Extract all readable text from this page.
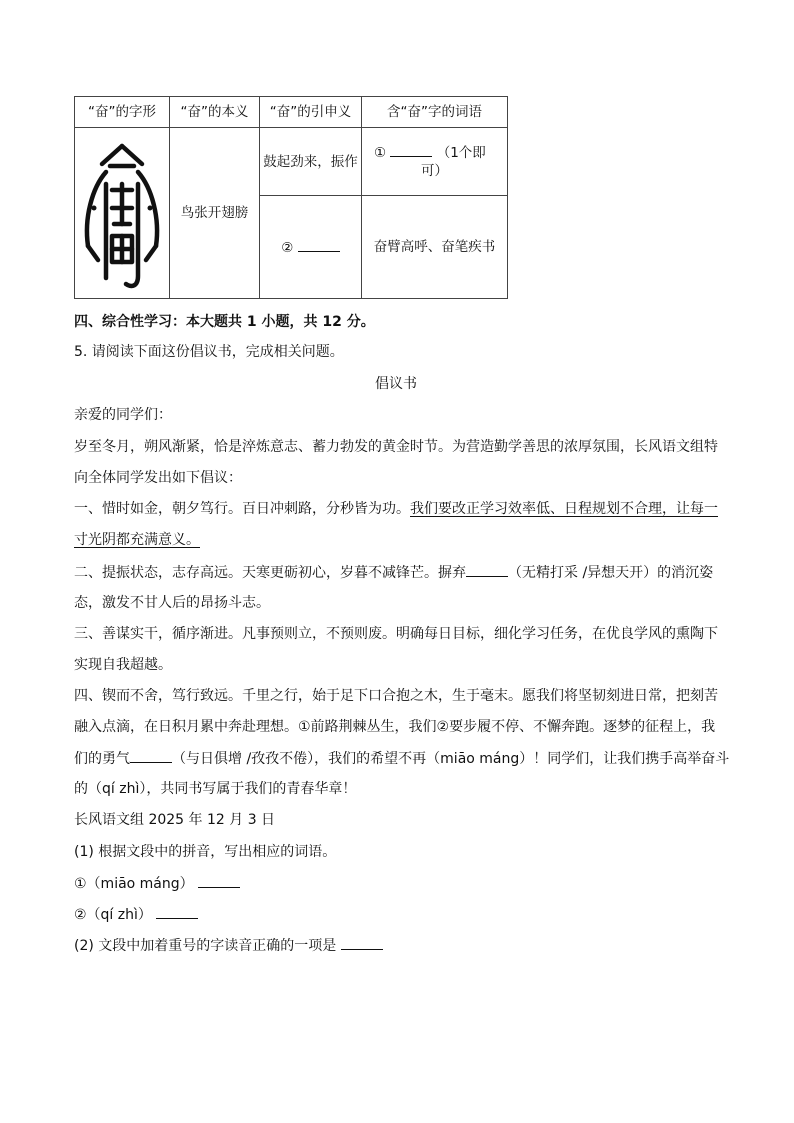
“奋”的字形	“奋”的本义	“奋”的引申义	含“奋”字的词语

	鸟张开翅膀	鼓起劲来，振作	① （1个即
可）

		②	奋臂高呼、奋笔疾书
四、综合性学习：本大题共 1 小题，共 12 分。
5. 请阅读下面这份倡议书，完成相关问题。
倡议书
亲爱的同学们：
岁至冬月，朔风渐紧，恰是淬炼意志、蓄力勃发的黄金时节。为营造勤学善思的浓厚氛围，长风语文组特
向全体同学发出如下倡议：
一、惜时如金，朝夕笃行。百日冲刺路，分秒皆为功。我们要改正学习效率低、日程规划不合理，让每一
寸光阴都充满意义。
二、提振状态，志存高远。天寒更砺初心，岁暮不减锋芒。摒弃	（无精打采 /异想天开）的消沉姿
态，激发不甘人后的昂扬斗志。
三、善谋实干，循序渐进。凡事预则立，不预则废。明确每日目标，细化学习任务，在优良学风的熏陶下
实现自我超越。
四、锲而不舍，笃行致远。千里之行，始于足下口合抱之木，生于毫末。愿我们将坚韧刻进日常，把刻苦
融入点滴，在日积月累中奔赴理想。①前路荆棘丛生，我们②要步履不停、不懈奔跑。逐梦的征程上，我
们的勇气	（与日俱增 /孜孜不倦），我们的希望不再（miāo máng）！同学们，让我们携手高举奋斗
的（qí zhì），共同书写属于我们的青春华章！
长风语文组 2025 年 12 月 3 日
(1) 根据文段中的拼音，写出相应的词语。
①（miāo máng）
②（qí zhì）
(2) 文段中加着重号的字读音正确的一项是
